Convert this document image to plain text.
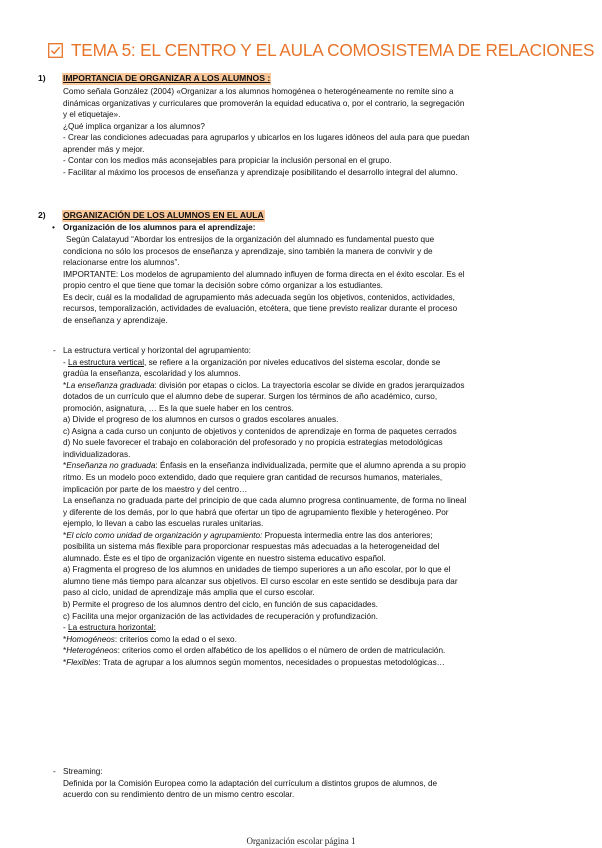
TEMA 5: EL CENTRO Y EL AULA COMOSISTEMA DE RELACIONES
1) IMPORTANCIA DE ORGANIZAR A LOS ALUMNOS :

Como señala González (2004) «Organizar a los alumnos homogénea o heterogéneamente no remite sino a

dinámicas organizativas y curriculares que promoverán la equidad educativa o, por el contrario, la segregación

y el etiquetaje».

¿Qué implica organizar a los alumnos?

- Crear las condiciones adecuadas para agruparlos y ubicarlos en los lugares idóneos del aula para que puedan

aprender más y mejor.

- Contar con los medios más aconsejables para propiciar la inclusión personal en el grupo.

- Facilitar al máximo los procesos de enseñanza y aprendizaje posibilitando el desarrollo integral del alumno.

2) ORGANIZACIÓN DE LOS ALUMNOS EN EL AULA
• Organización de los alumnos para el aprendizaje:

Según Calatayud “Abordar los entresijos de la organización del alumnado es fundamental puesto que

condiciona no sólo los procesos de enseñanza y aprendizaje, sino también la manera de convivir y de

relacionarse entre los alumnos”.

IMPORTANTE: Los modelos de agrupamiento del alumnado influyen de forma directa en el éxito escolar. Es el

propio centro el que tiene que tomar la decisión sobre cómo organizar a los estudiantes.

Es decir, cuál es la modalidad de agrupamiento más adecuada según los objetivos, contenidos, actividades,

recursos, temporalización, actividades de evaluación, etcétera, que tiene previsto realizar durante el proceso

de enseñanza y aprendizaje.

- La estructura vertical y horizontal del agrupamiento:

- La estructura vertical, se refiere a la organización por niveles educativos del sistema escolar, donde se

gradúa la enseñanza, escolaridad y los alumnos.

*La enseñanza graduada: división por etapas o ciclos. La trayectoria escolar se divide en grados jerarquizados

dotados de un currículo que el alumno debe de superar. Surgen los términos de año académico, curso,

promoción, asignatura, … Es la que suele haber en los centros.

a) Divide el progreso de los alumnos en cursos o grados escolares anuales.

c) Asigna a cada curso un conjunto de objetivos y contenidos de aprendizaje en forma de paquetes cerrados

d) No suele favorecer el trabajo en colaboración del profesorado y no propicia estrategias metodológicas

individualizadoras.

*Enseñanza no graduada: Énfasis en la enseñanza individualizada, permite que el alumno aprenda a su propio

ritmo. Es un modelo poco extendido, dado que requiere gran cantidad de recursos humanos, materiales,

implicación por parte de los maestro y del centro…

La enseñanza no graduada parte del principio de que cada alumno progresa continuamente, de forma no lineal

y diferente de los demás, por lo que habrá que ofertar un tipo de agrupamiento flexible y heterogéneo. Por

ejemplo, lo llevan a cabo las escuelas rurales unitarias.

*El ciclo como unidad de organización y agrupamiento: Propuesta intermedia entre las dos anteriores;

posibilita un sistema más flexible para proporcionar respuestas más adecuadas a la heterogeneidad del

alumnado. Éste es el tipo de organización vigente en nuestro sistema educativo español.

a) Fragmenta el progreso de los alumnos en unidades de tiempo superiores a un año escolar, por lo que el

alumno tiene más tiempo para alcanzar sus objetivos. El curso escolar en este sentido se desdibuja para dar

paso al ciclo, unidad de aprendizaje más amplia que el curso escolar.

b) Permite el progreso de los alumnos dentro del ciclo, en función de sus capacidades.

c) Facilita una mejor organización de las actividades de recuperación y profundización.

- La estructura horizontal:

*Homogéneos: criterios como la edad o el sexo.

*Heterogéneos: criterios como el orden alfabético de los apellidos o el número de orden de matriculación.

*Flexibles: Trata de agrupar a los alumnos según momentos, necesidades o propuestas metodológicas…

- Streaming:

Definida por la Comisión Europea como la adaptación del currículum a distintos grupos de alumnos, de

acuerdo con su rendimiento dentro de un mismo centro escolar.

Organización escolar página 1
